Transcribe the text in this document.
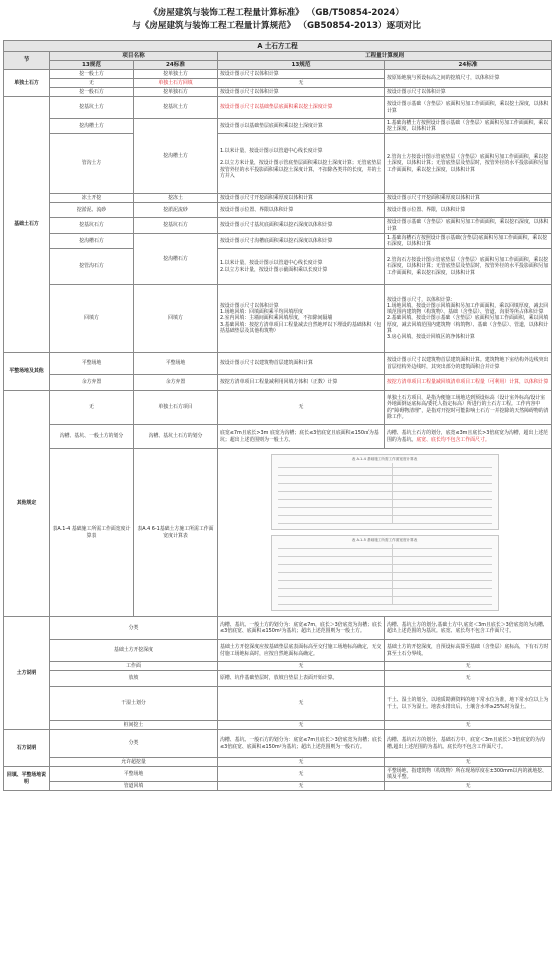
《房屋建筑与装饰工程工程量计算标准》 （GB/T50854-2024）
与《房屋建筑与装饰工程工程量计算规范》 （GB50854-2013）逐项对比
A 土石方工程				
节	项目名称		工程量计算规则	
	13规范	24标准	13规范	24标准
单独土石方	挖一般土方	挖单独土方	按设计图示尺寸以体积计算	按原始地貌与预设标高之间的挖填尺寸，以体积计算
	无	单独土石方回填	无	
	挖一般石方	挖单独石方	按设计图示尺寸以体积计算	按设计图示尺寸以体积计算
基础土石方	挖基坑土方	挖基坑土方	按设计图示尺寸以基础垫层底面积乘以挖土深度计算	按设计图示基础（含垫层）底面积另加工作面面积，乘以挖土深度，以体积计算
	挖沟槽土方	挖沟槽土方	按设计图示以基础垫层底面积乘以挖土深度计算	1.基础沟槽土方按照设计图示基础（含垫层）底面积另加工作面面积，乘以挖土深度，以体积计算
	管沟土方		1.以米计量，按设计图示以管道中心线长度计算

2.以立方米计量，按设计图示管底垫层面积乘以挖土深度计算；无管底垫层按管外径的水平投影面积乘以挖土深度计算，不扣除各类井的长度，井的土方并入	2.管沟土方按设计图示管底垫层（含垫层）底面积另加工作面面积，乘以挖土深度，以体积计算；无管底垫层及垫层时，按管外径的水平投影面积另加工作面面积，乘以挖土深度，以体积计算
	冻土开挖	挖冻土	按设计图示尺寸开挖面积乘厚度以体积计算	按设计图示尺寸开挖面积乘厚度以体积计算
	挖淤泥、流砂	挖淤泥流砂	按设计图示位置、界限以体积计算	按设计图示位置、界限，以体积计算
	挖基坑石方	挖基坑石方	按设计图示尺寸基坑底面积乘以挖石深度以体积计算	按设计图示基础（含垫层）底面积另加工作面面积，乘以挖石深度，以体积计算
	挖沟槽石方	挖沟槽石方	按设计图示尺寸沟槽底面积乘以挖石深度以体积计算	1.基础沟槽石方按照设计图示基础(含垫层)底面积另加工作面面积，乘以挖石深度，以体积计算
	挖管沟石方		1.以米计量，按设计图示以管道中心线长度计算
2.以立方米计量，按设计图示截面积乘以长度计算	2.管沟石方按设计图示管底垫层（含垫层）底面积另加工作面面积，乘以挖石深度，以体积计算；无管底垫层及垫层时，按管外径的水平投影面积另加工作面面积，乘以挖石深度，以体积计算
	回填方	回填方	按设计图示尺寸以体积计算
1.场地回填：回填面积乘平均回填厚度
2.室内回填：主墙间面积乘回填厚度，不扣除间隔墙
3.基础回填：按挖方清单项目工程量减去自然地坪以下埋设的基础体积（包括基础垫层及其他构筑物）	按设计图示尺寸，以体积计算：
1.场地回填，按设计图示回填面积另加工作面面积，乘以回填厚度，减去回填范围内建筑物（构筑物）、基础（含垫层）、管道、沟渠等所占体积计算
2.基础回填，按设计图示基础（含垫层）底面积另加工作面面积，乘以回填厚度，减去回填范围内建筑物（构筑物）、基础（含垫层）、管道，以体积计算
3.房心回填，按设计回填区的净体积计算
平整场地及其他	平整场地	平整场地	按设计图示尺寸以建筑物首层建筑面积计算	按设计图示尺寸以建筑物首层建筑面积计算。建筑物地下室结构外边线突出首层结构外边线时，其突出部分的建筑面积合并计算
	余方弃置	余方弃置	按挖方清单项目工程量减利用回填方体积（正数）计算	按挖方清单项目工程量减回填清单项目工程量（可利用）计算，以体积计算
其他规定	无	单独土石方项目	无	单独土石方项目，是指为便施工场地达到预设标高（设计室外标高/设计室外地面倒运底标高/委托人指定标高）所进行的土石方工程。工作内容中的“障碍物清理”，是指对开挖时可能影响土石方一并挖除的天然障碍物的清除工作。
	沟槽、基坑、一般土方的划分	沟槽、基坑土石方的划分	底宽≤7m且底长>3m 底宽为沟槽；底长≤3倍底宽且底面积≤150㎡为基坑；超出上述范围则为一般土方。	沟槽、基坑土石方的划分，底宽≤3m且底长>3倍底宽为沟槽，超出上述范围的为基坑。底宽、底长均不包含工作面尺寸。
	表A.1-4 基础施工所需工作面宽度计算表	表A.4 6-1基础土方施工所需工作面宽度计算表	表 A.1-4 基础施工所需工作面宽度计算表
表 A.1-5 基础施工所需工作面宽度计算表	

土方说明	分类		沟槽、基坑、一般土方的划分为：底宽≤7m，底长＞3倍底宽为沟槽；底长≤3倍底宽、底面积≤150m²为基坑；超出上述范围则为一般土方。	沟槽、基坑土方的划分,基础土方中,底宽＜3m且底长＞3倍底宽的为沟槽,超出上述范围的为基坑。底宽、底长均不包含工作面尺寸。
	基础土方开挖深度		基础土方开挖深度应按基础垫层底表面标高至交付施工场地标高确定，无交付施工场地标高时，应按自然地面标高确定。	基础土方的开挖深度，自预设标高算至基础（含垫层）底标高，下有石方时算至土石分界线。
	工作面		无	无
	放坡		原槽、坑作基础垫层时，放坡自垫层上表面开始计算。	无
	干湿土划分		无	干土、湿土的划分，以地质勘测资料的地下常水位为准，地下常水位以上为干土，以下为湿土。地表水排出后，土壤含水率≥25%时为湿土。
	桩间挖土		无	无
石方说明	分类		沟槽、基坑、一般石方的划分为：底宽≤7m且底长＞3倍底宽为沟槽；底长≤3倍底宽、底面积≤150m²为基坑；超出上述范围则为一般石方。	沟槽、基坑石方的划分，基础石方中，底宽＜3m且底长＞3倍底宽的为沟槽,超出上述范围的为基坑。底长均不包含工作面尺寸。
	允许超挖量		无	无
回填、平整场地说明	平整场地		无	平整场地，指建筑物（构筑物）所在现场厚度在±300mm以内的就地挖、填及平整。
	管道回填		无	无
